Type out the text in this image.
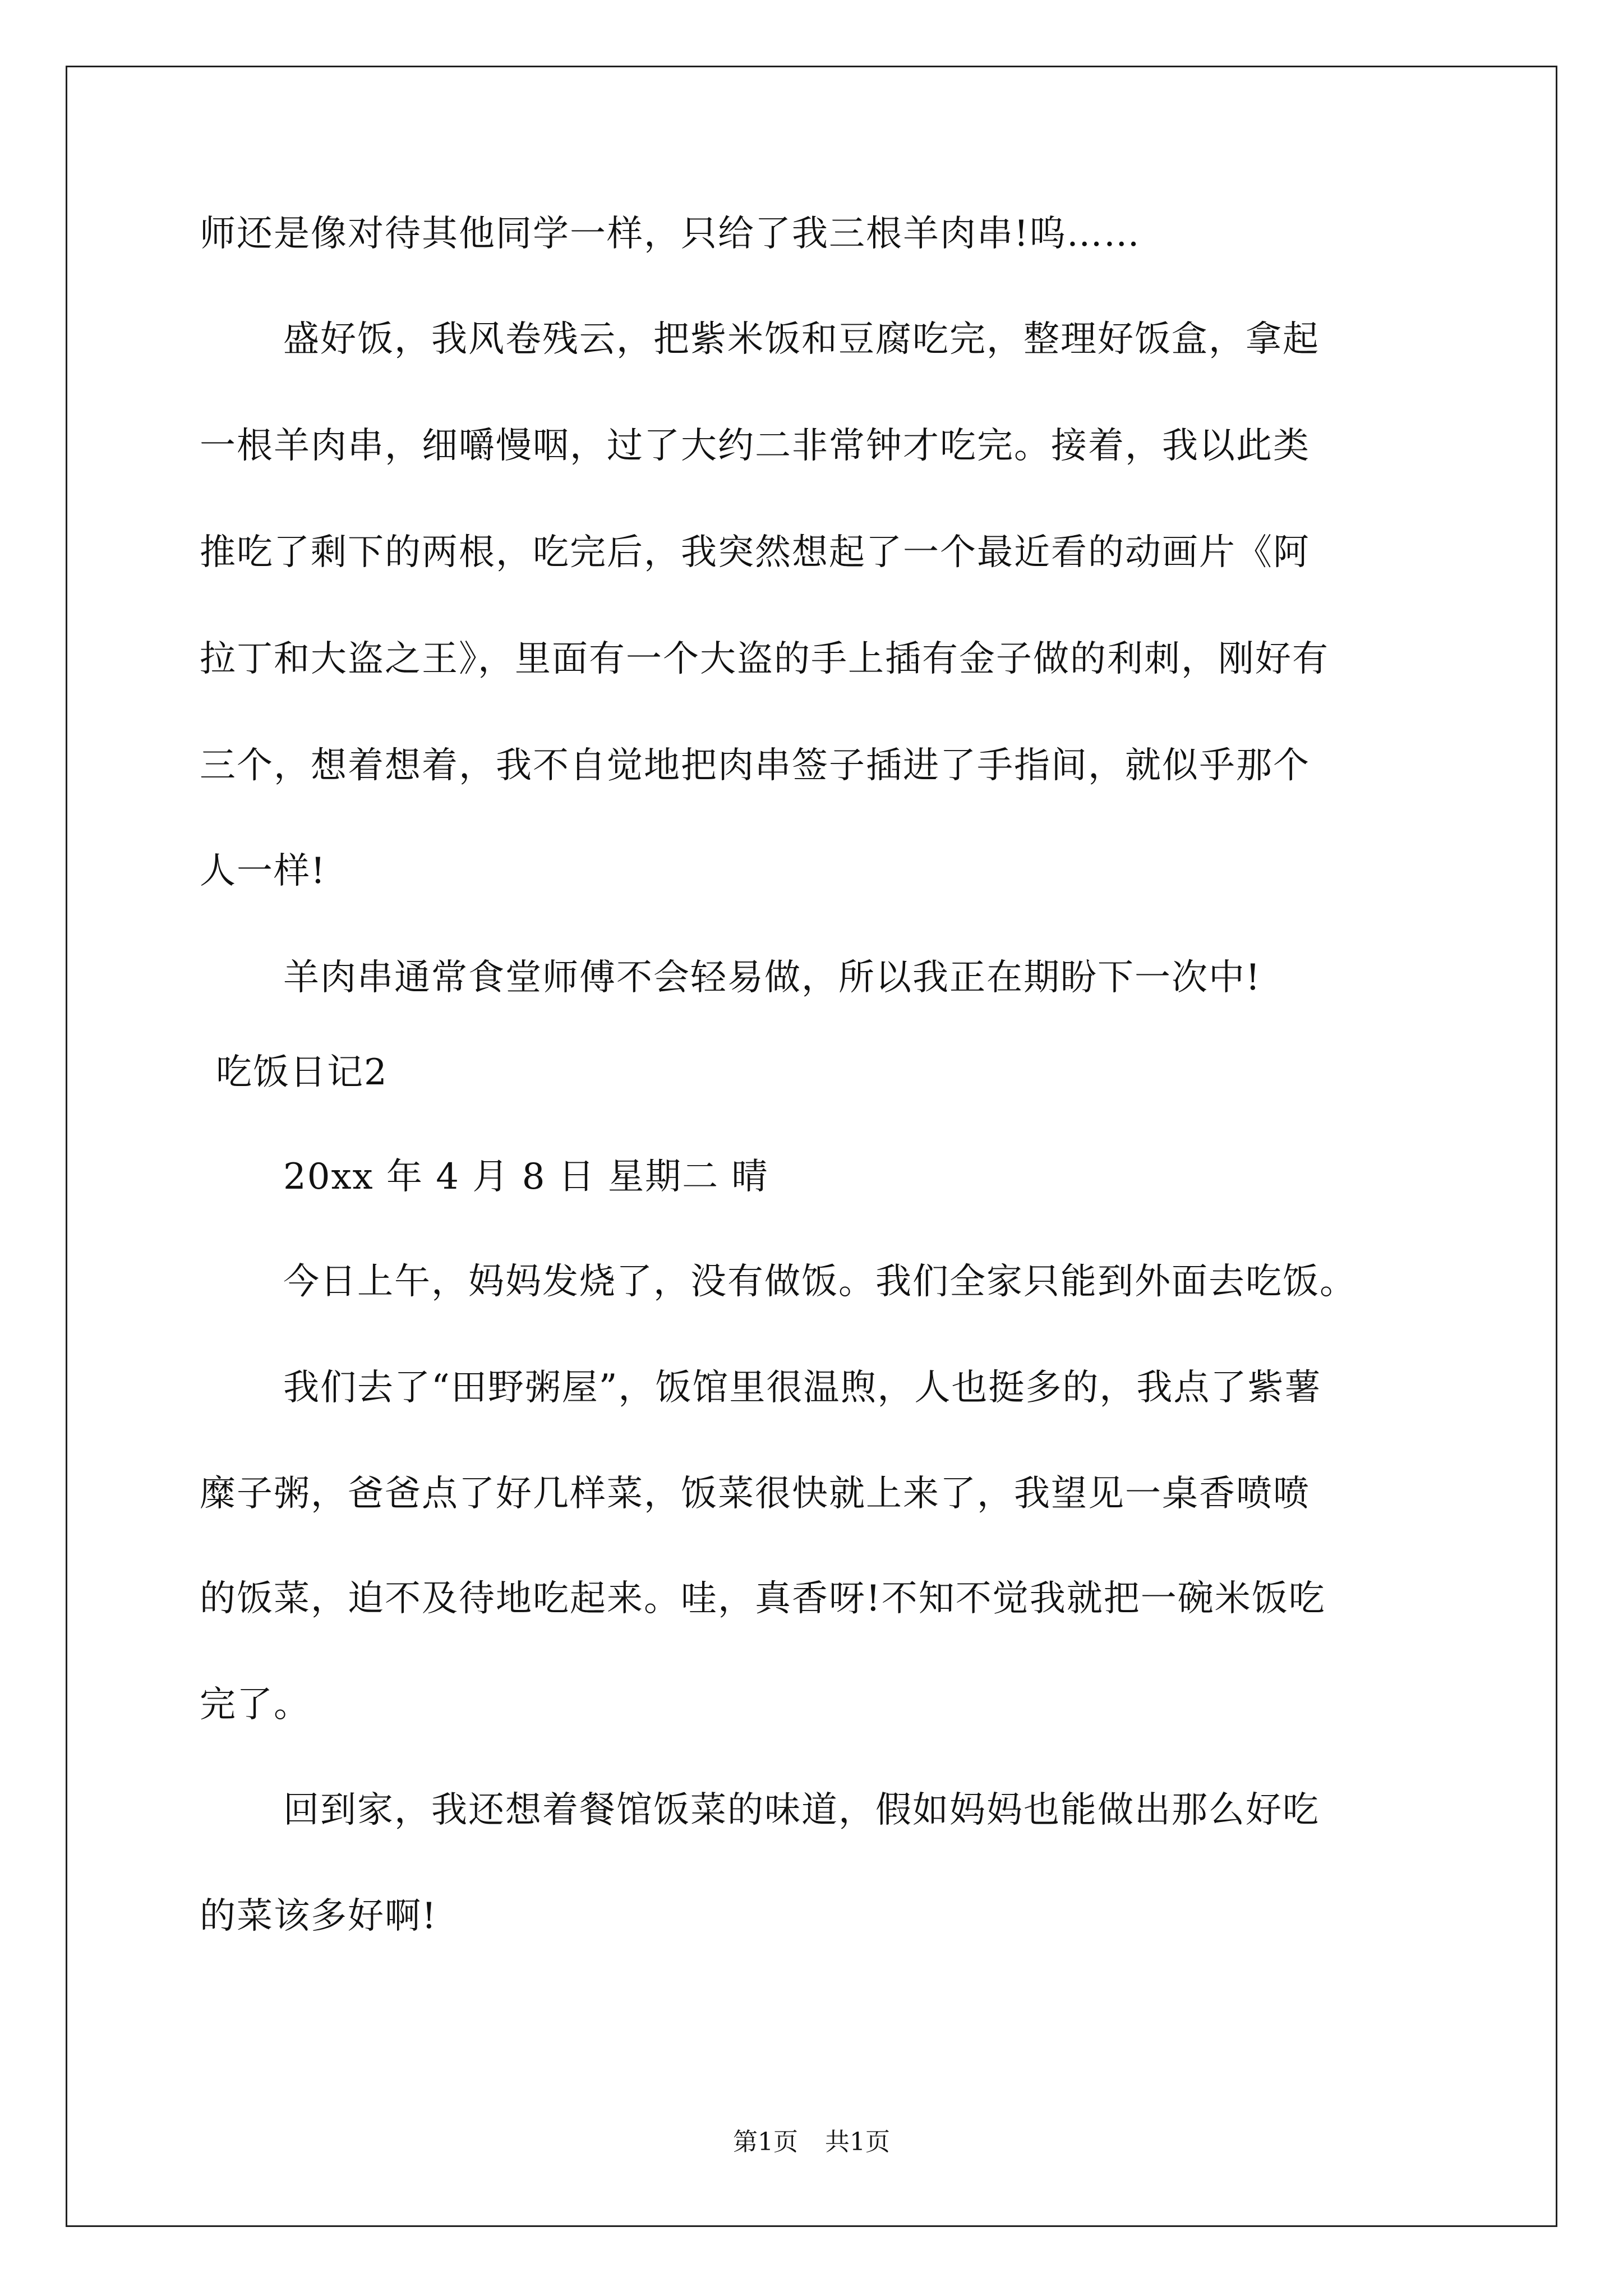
师还是像对待其他同学一样，只给了我三根羊肉串!呜……
盛好饭，我风卷残云，把紫米饭和豆腐吃完，整理好饭盒，拿起
一根羊肉串，细嚼慢咽，过了大约二非常钟才吃完。接着，我以此类
推吃了剩下的两根，吃完后，我突然想起了一个最近看的动画片《阿
拉丁和大盗之王》，里面有一个大盗的手上插有金子做的利刺，刚好有
三个，想着想着，我不自觉地把肉串签子插进了手指间，就似乎那个
人一样!
羊肉串通常食堂师傅不会轻易做，所以我正在期盼下一次中!
吃饭日记2
20xx 年 4 月 8 日 星期二 晴
今日上午，妈妈发烧了，没有做饭。我们全家只能到外面去吃饭。
我们去了“田野粥屋”，饭馆里很温煦，人也挺多的，我点了紫薯
糜子粥，爸爸点了好几样菜，饭菜很快就上来了，我望见一桌香喷喷
的饭菜，迫不及待地吃起来。哇，真香呀!不知不觉我就把一碗米饭吃
完了。
回到家，我还想着餐馆饭菜的味道，假如妈妈也能做出那么好吃
的菜该多好啊!
第1页 共1页
